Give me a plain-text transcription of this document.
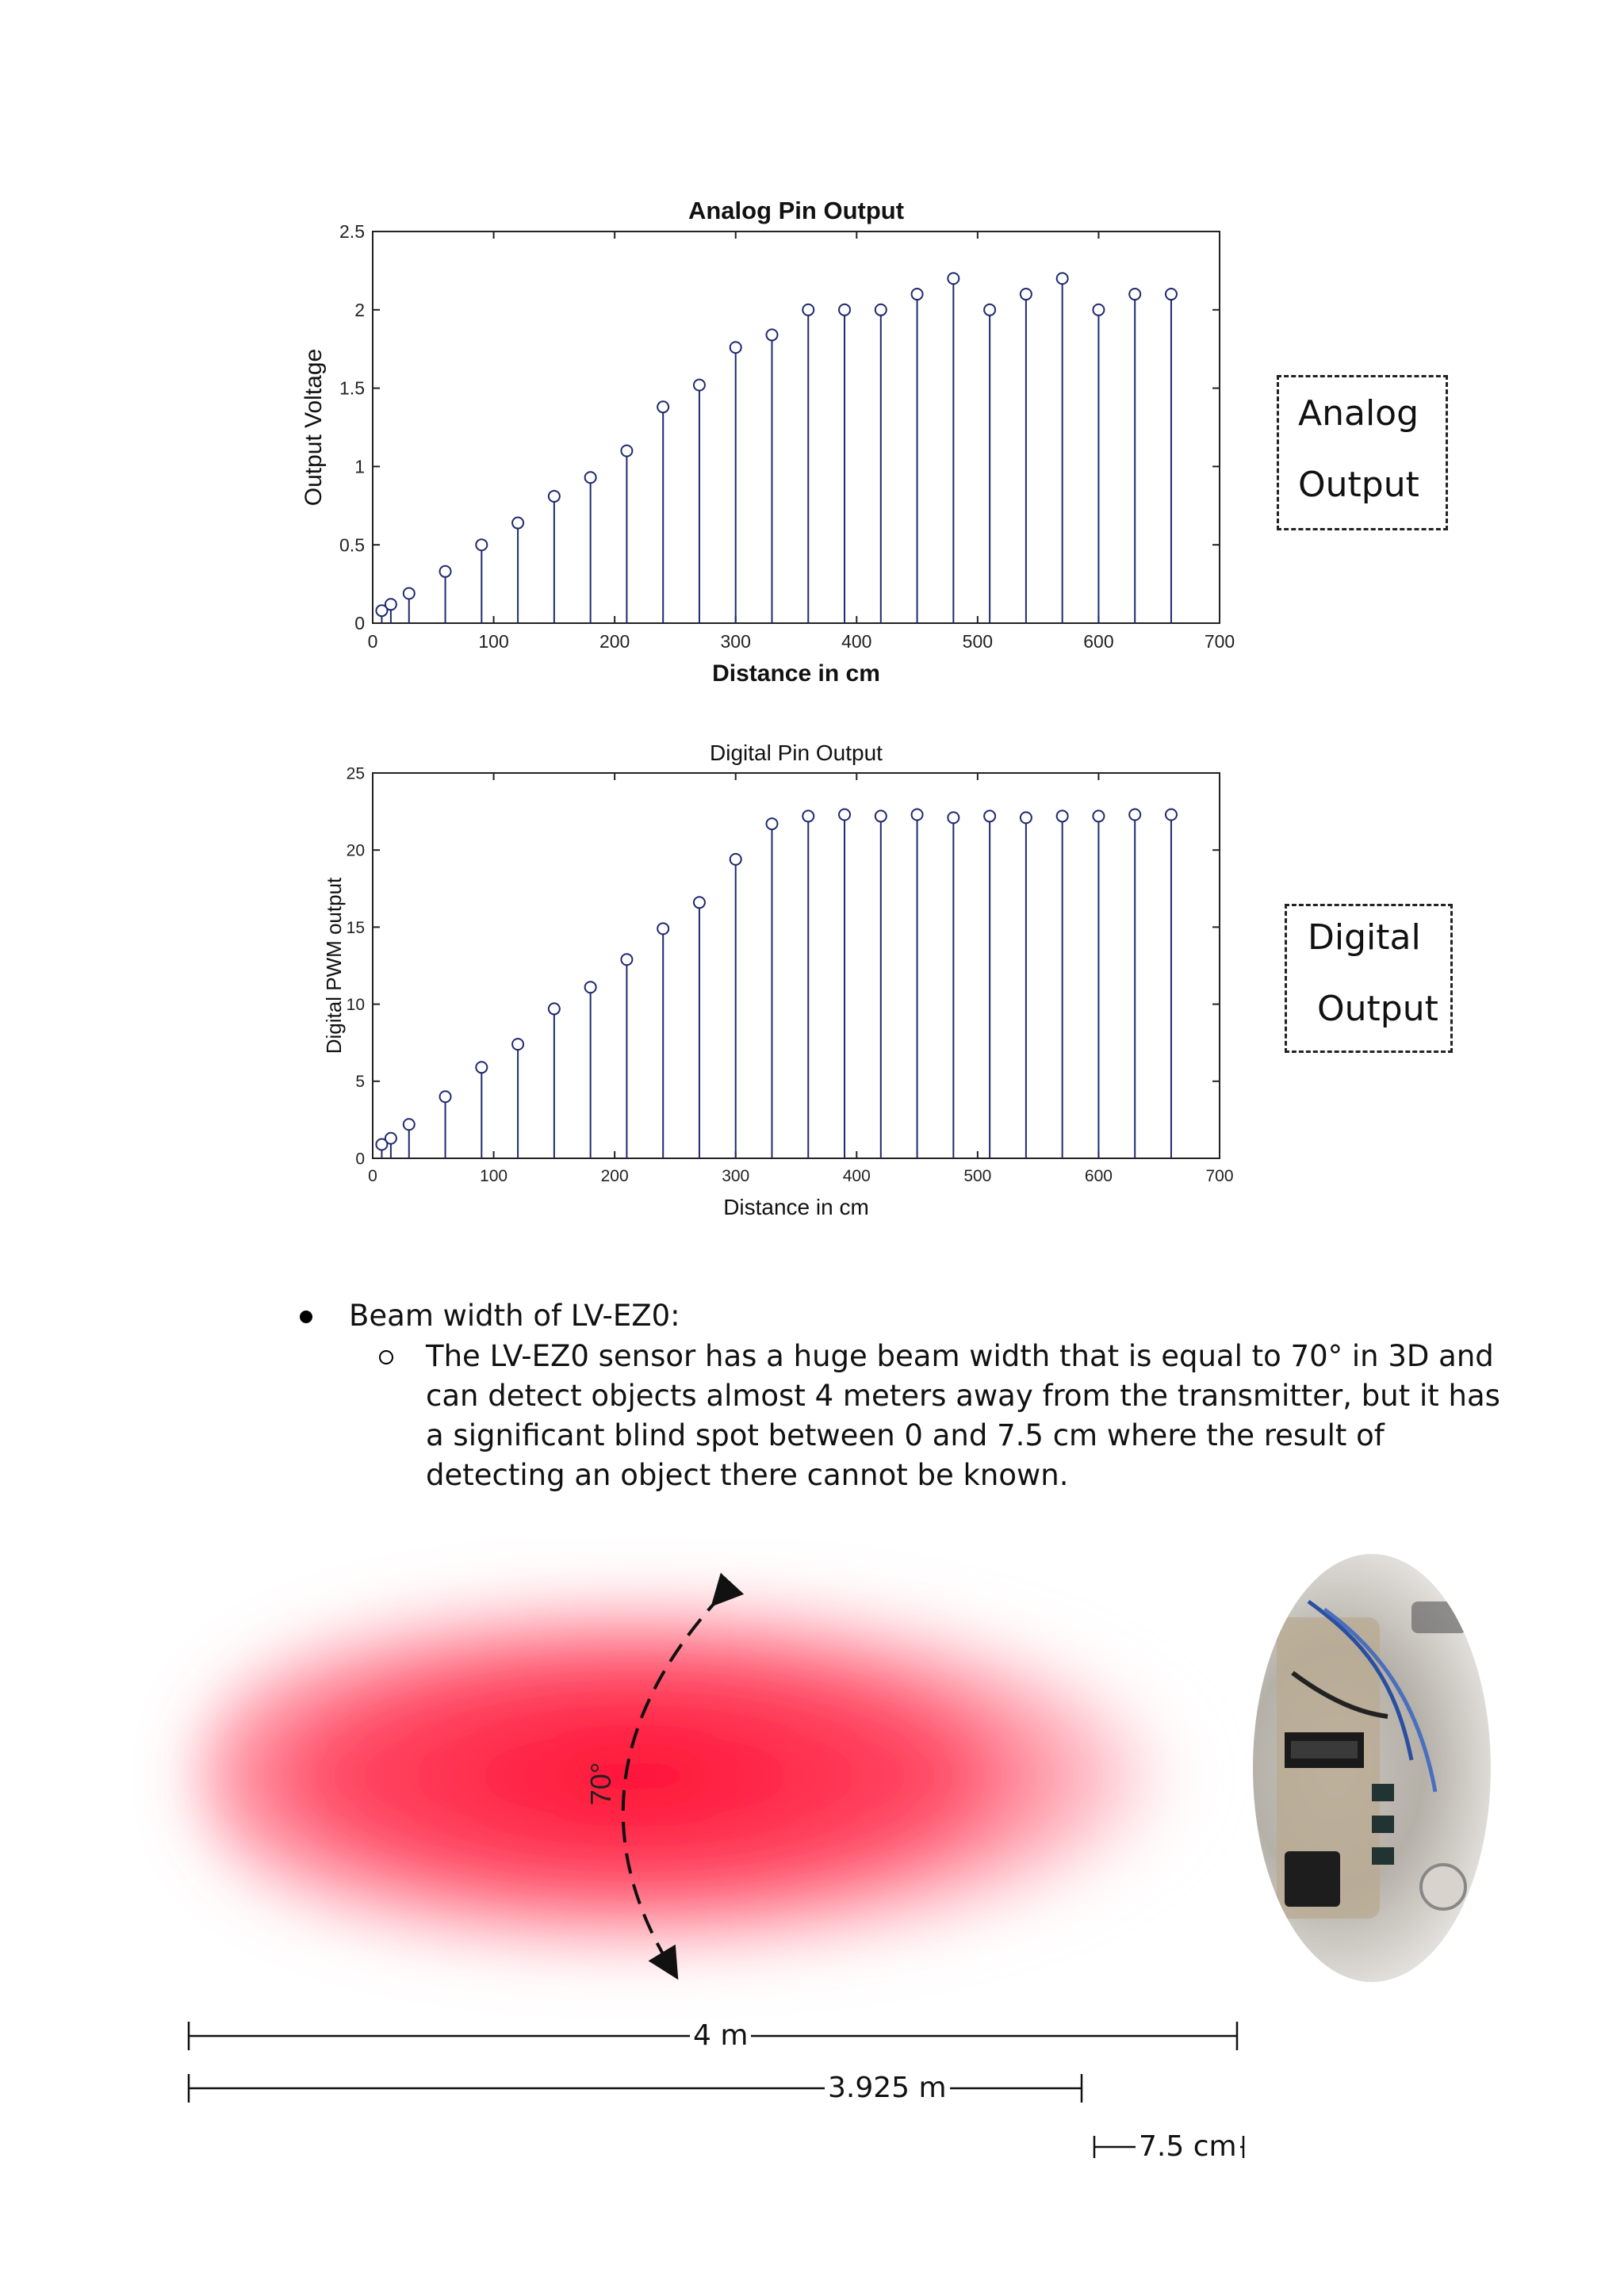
0	100	200	300	400	500	600	700
0
0.5
1
1.5
2
2.5
Analog Pin Output
Distance in cm
Output Voltage
0	100	200	300	400	500	600	700
0
5
10
15
20
25
Digital Pin Output
Distance in cm
Digital PWM output
Analog
Output
Digital
Output
Beam width of LV-EZ0:
The LV-EZ0 sensor has a huge beam width that is equal to 70° in 3D and
can detect objects almost 4 meters away from the transmitter, but it has
a significant blind spot between 0 and 7.5 cm where the result of
detecting an object there cannot be known.
70°
4 m
3.925 m
7.5 cm
